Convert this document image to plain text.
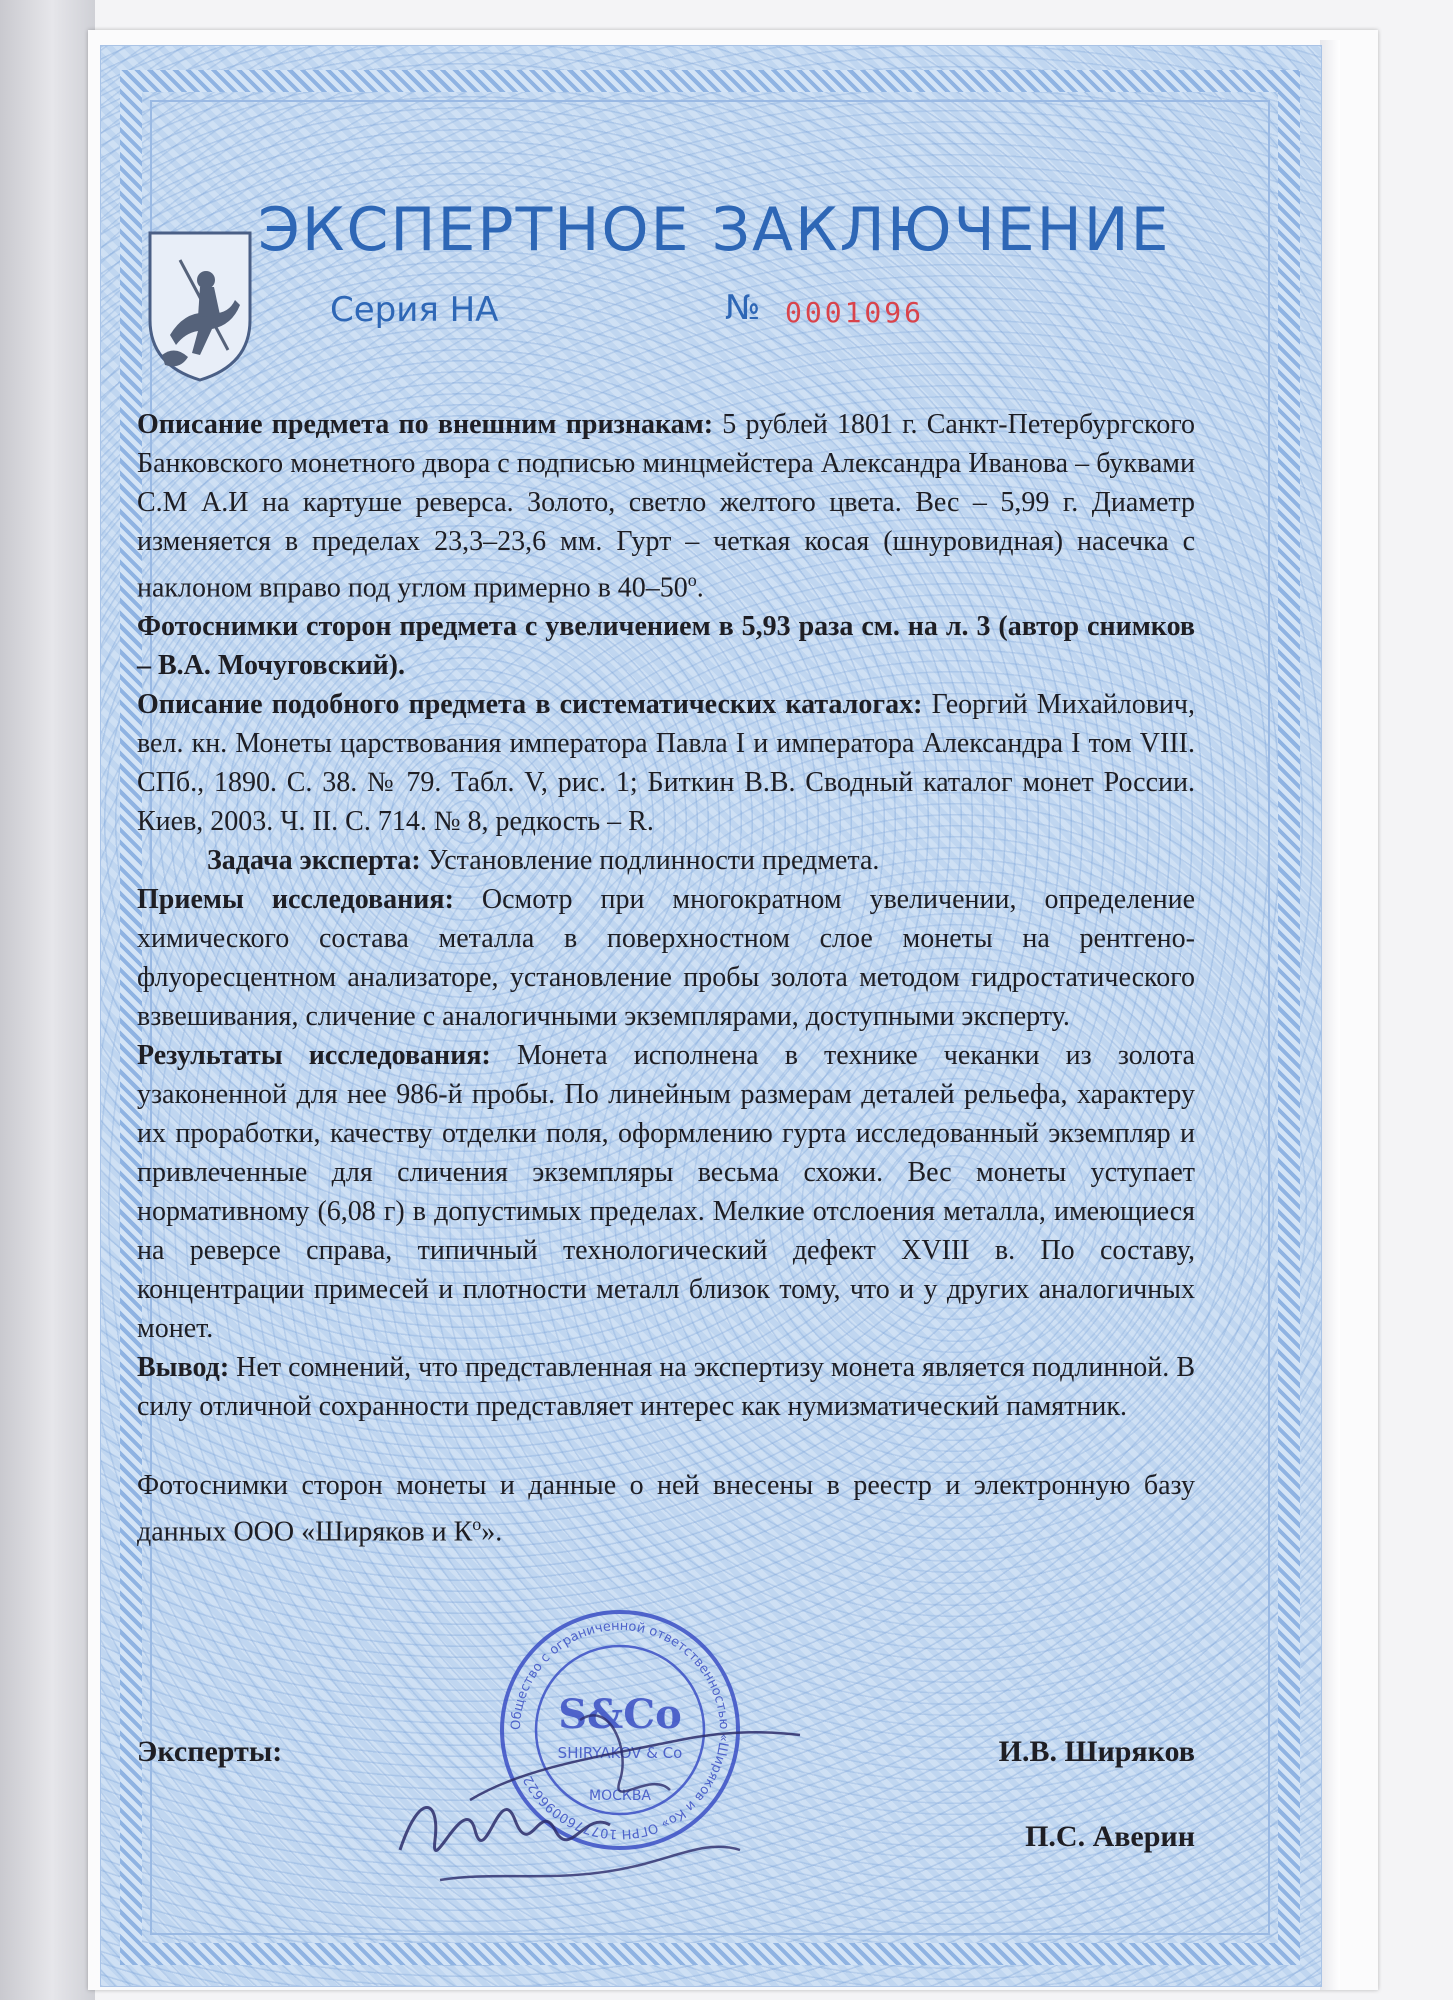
ЭКСПЕРТНОЕ ЗАКЛЮЧЕНИЕ
Серия НА	№ 0001096

Описание предмета по внешним признакам: 5 рублей 1801 г. Санкт-Петербургского Банковского монетного двора с подписью минцмейстера Александра Иванова – буквами С.М А.И на картуше реверса. Золото, светло желтого цвета. Вес – 5,99 г. Диаметр изменяется в пределах 23,3–23,6 мм. Гурт – четкая косая (шнуровидная) насечка с наклоном вправо под углом примерно в $40-50^о$.

Фотоснимки сторон предмета с увеличением в 5,93 раза см. на л. 3 (автор снимков – В.А. Мочуговский).

Описание подобного предмета в систематических каталогах: Георгий Михайлович, вел. кн. Монеты царствования императора Павла I и императора Александра I том VIII. СПб., 1890. С. 38. № 79. Табл. V, рис. 1; Биткин В.В. Сводный каталог монет России. Киев, 2003. Ч. II. С. 714. № 8, редкость – R.

Задача эксперта: Установление подлинности предмета.

Приемы исследования: Осмотр при многократном увеличении, определение химического состава металла в поверхностном слое монеты на рентгено-флуоресцентном анализаторе, установление пробы золота методом гидростатического взвешивания, сличение с аналогичными экземплярами, доступными эксперту.

Результаты исследования: Монета исполнена в технике чеканки из золота узаконенной для нее 986-й пробы. По линейным размерам деталей рельефа, характеру их проработки, качеству отделки поля, оформлению гурта исследованный экземпляр и привлеченные для сличения экземпляры весьма схожи. Вес монеты уступает нормативному (6,08 г) в допустимых пределах. Мелкие отслоения металла, имеющиеся на реверсе справа, типичный технологический дефект XVIII в. По составу, концентрации примесей и плотности металл близок тому, что и у других аналогичных монет.

Вывод: Нет сомнений, что представленная на экспертизу монета является подлинной. В силу отличной сохранности представляет интерес как нумизматический памятник.

Фотоснимки сторон монеты и данные о ней внесены в реестр и электронную базу данных ООО «Ширяков и $К^о$».

Эксперты:	И.В. Ширяков
П.С. Аверин
Общество с ограниченной ответственностью «Ширяков и Ко» ОГРН 1077760096622
S&Co
SHIRYAKOV & Co
МОСКВА
